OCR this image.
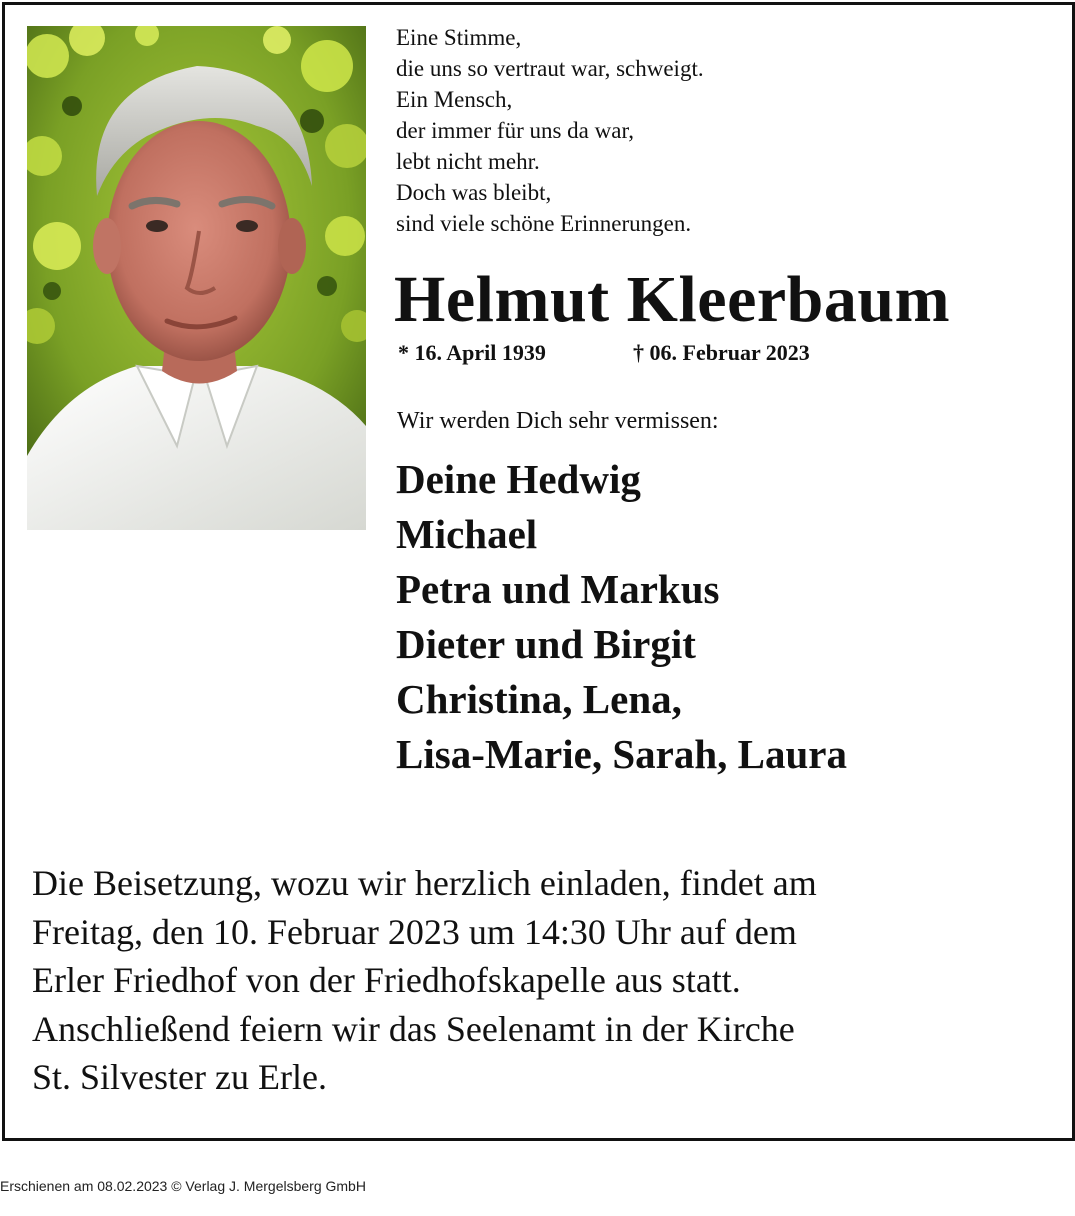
Eine Stimme,
die uns so vertraut war, schweigt.
Ein Mensch,
der immer für uns da war,
lebt nicht mehr.
Doch was bleibt,
sind viele schöne Erinnerungen.
Helmut Kleerbaum
* 16. April 1939	† 06. Februar 2023
Wir werden Dich sehr vermissen:
Deine Hedwig
Michael
Petra und Markus
Dieter und Birgit
Christina, Lena,
Lisa-Marie, Sarah, Laura
Die Beisetzung, wozu wir herzlich einladen, findet am
Freitag, den 10. Februar 2023 um 14:30 Uhr auf dem
Erler Friedhof von der Friedhofskapelle aus statt.
Anschließend feiern wir das Seelenamt in der Kirche
St. Silvester zu Erle.
Erschienen am 08.02.2023 © Verlag J. Mergelsberg GmbH
